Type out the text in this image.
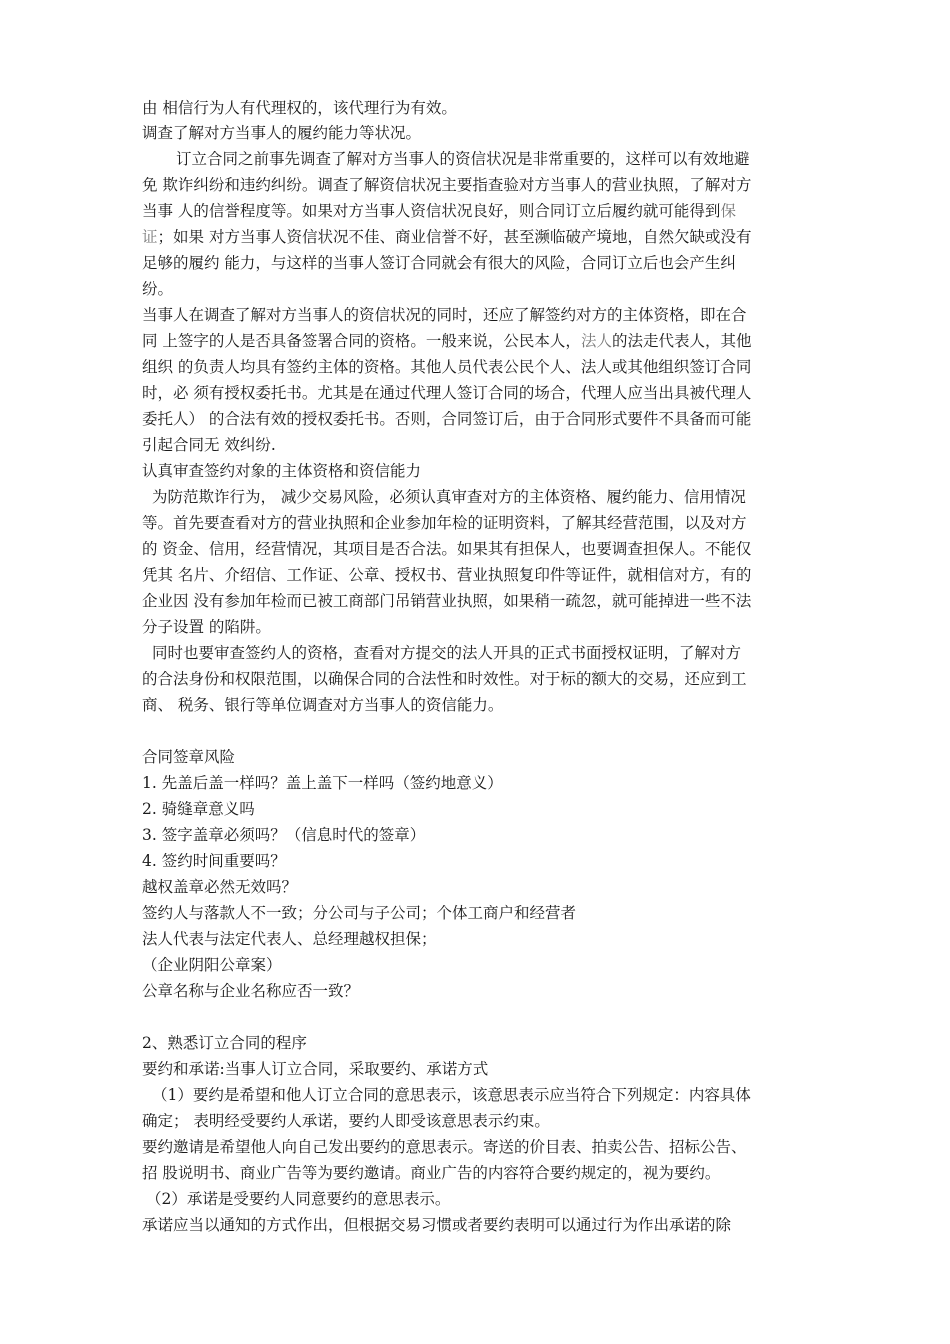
由 相信行为人有代理权的，该代理行为有效。
调查了解对方当事人的履约能力等状况。
订立合同之前事先调查了解对方当事人的资信状况是非常重要的，这样可以有效地避
免 欺诈纠纷和违约纠纷。调查了解资信状况主要指查验对方当事人的营业执照，了解对方
当事 人的信誉程度等。如果对方当事人资信状况良好，则合同订立后履约就可能得到保
证；如果 对方当事人资信状况不佳、商业信誉不好，甚至濒临破产境地，自然欠缺或没有
足够的履约 能力，与这样的当事人签订合同就会有很大的风险，合同订立后也会产生纠
纷。
当事人在调查了解对方当事人的资信状况的同时，还应了解签约对方的主体资格，即在合
同 上签字的人是否具备签署合同的资格。一般来说，公民本人，法人的法走代表人，其他
组织 的负责人均具有签约主体的资格。其他人员代表公民个人、法人或其他组织签订合同
时，必 须有授权委托书。尤其是在通过代理人签订合同的场合，代理人应当出具被代理人
委托人） 的合法有效的授权委托书。否则，合同签订后，由于合同形式要件不具备而可能
引起合同无 效纠纷.
认真审查签约对象的主体资格和资信能力
为防范欺诈行为， 减少交易风险，必须认真审查对方的主体资格、履约能力、信用情况
等。首先要查看对方的营业执照和企业参加年检的证明资料，了解其经营范围，以及对方
的 资金、信用，经营情况，其项目是否合法。如果其有担保人，也要调查担保人。不能仅
凭其 名片、介绍信、工作证、公章、授权书、营业执照复印件等证件，就相信对方，有的
企业因 没有参加年检而已被工商部门吊销营业执照，如果稍一疏忽，就可能掉进一些不法
分子设置 的陷阱。
同时也要审查签约人的资格，查看对方提交的法人开具的正式书面授权证明，了解对方
的合法身份和权限范围，以确保合同的合法性和时效性。对于标的额大的交易，还应到工
商、 税务、银行等单位调查对方当事人的资信能力。
合同签章风险
1. 先盖后盖一样吗？盖上盖下一样吗（签约地意义）
2. 骑缝章意义吗
3. 签字盖章必须吗？（信息时代的签章）
4. 签约时间重要吗？
越权盖章必然无效吗？
签约人与落款人不一致；分公司与子公司；个体工商户和经营者
法人代表与法定代表人、总经理越权担保；
（企业阴阳公章案）
公章名称与企业名称应否一致？
2、熟悉订立合同的程序
要约和承诺:当事人订立合同，采取要约、承诺方式
（1）要约是希望和他人订立合同的意思表示，该意思表示应当符合下列规定：内容具体
确定； 表明经受要约人承诺，要约人即受该意思表示约束。
要约邀请是希望他人向自己发出要约的意思表示。寄送的价目表、拍卖公告、招标公告、
招 股说明书、商业广告等为要约邀请。商业广告的内容符合要约规定的，视为要约。
（2）承诺是受要约人同意要约的意思表示。
承诺应当以通知的方式作出，但根据交易习惯或者要约表明可以通过行为作出承诺的除
